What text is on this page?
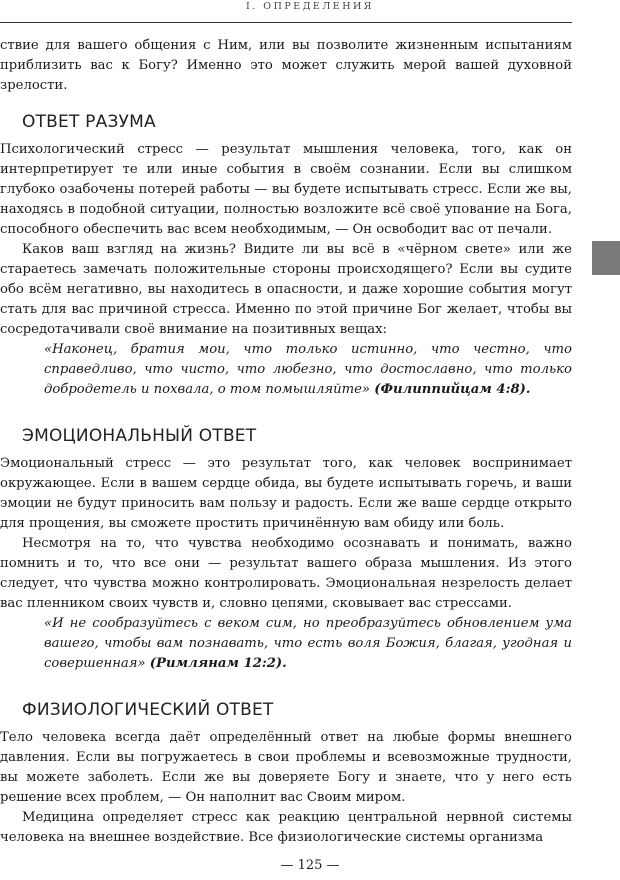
I. ОПРЕДЕЛЕНИЯ

ствие для вашего общения с Ним, или вы позволите жизненным испытаниям приблизить вас к Богу? Именно это может служить мерой вашей духовной зрелости.

ОТВЕТ РАЗУМА

Психологический стресс — результат мышления человека, того, как он интерпретирует те или иные события в своём сознании. Если вы слишком глубоко озабочены потерей работы — вы будете испытывать стресс. Если же вы, находясь в подобной ситуации, полностью возложите всё своё упование на Бога, способного обеспечить вас всем необходимым, — Он освободит вас от печали.

Каков ваш взгляд на жизнь? Видите ли вы всё в «чёрном свете» или же стараетесь замечать положительные стороны происходящего? Если вы судите обо всём негативно, вы находитесь в опасности, и даже хорошие события могут стать для вас причиной стресса. Именно по этой причине Бог желает, чтобы вы сосредотачивали своё внимание на позитивных вещах:

«Наконец, братия мои, что только истинно, что честно, что справедливо, что чисто, что любезно, что достославно, что только добродетель и похвала, о том помышляйте» (Филиппийцам 4:8).

ЭМОЦИОНАЛЬНЫЙ ОТВЕТ

Эмоциональный стресс — это результат того, как человек воспринимает окружающее. Если в вашем сердце обида, вы будете испытывать горечь, и ваши эмоции не будут приносить вам пользу и радость. Если же ваше сердце открыто для прощения, вы сможете простить причинённую вам обиду или боль.

Несмотря на то, что чувства необходимо осознавать и понимать, важно помнить и то, что все они — результат вашего образа мышления. Из этого следует, что чувства можно контролировать. Эмоциональная незрелость делает вас пленником своих чувств и, словно цепями, сковывает вас стрессами.

«И не сообразуйтесь с веком сим, но преобразуйтесь обновлением ума вашего, чтобы вам познавать, что есть воля Божия, благая, угодная и совершенная» (Римлянам 12:2).

ФИЗИОЛОГИЧЕСКИЙ ОТВЕТ

Тело человека всегда даёт определённый ответ на любые формы внешнего давления. Если вы погружаетесь в свои проблемы и всевозможные трудности, вы можете заболеть. Если же вы доверяете Богу и знаете, что у него есть решение всех проблем, — Он наполнит вас Своим миром.

Медицина определяет стресс как реакцию центральной нервной системы человека на внешнее воздействие. Все физиологические системы организма

— 125 —
